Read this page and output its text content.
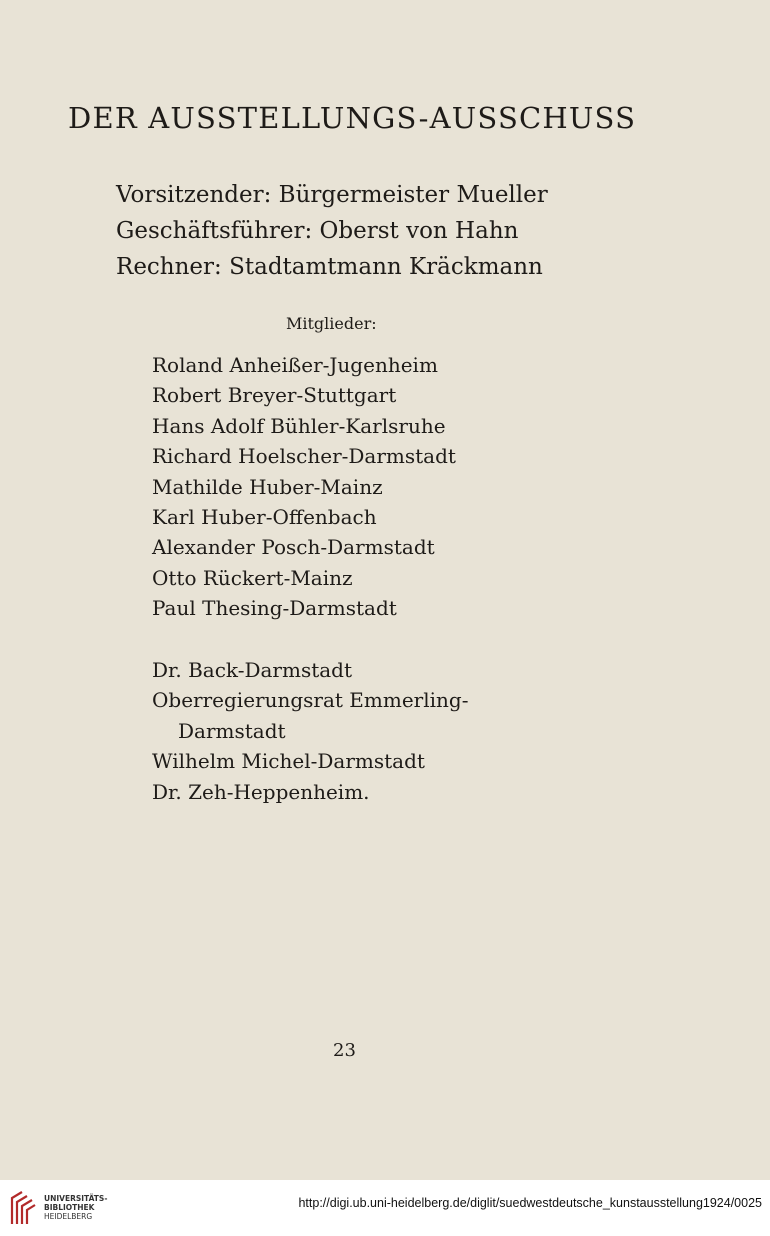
DER AUSSTELLUNGS-AUSSCHUSS
Vorsitzender: Bürgermeister Mueller
Geschäftsführer: Oberst von Hahn
Rechner: Stadtamtmann Kräckmann
Mitglieder:
Roland Anheißer-Jugenheim
Robert Breyer-Stuttgart
Hans Adolf Bühler-Karlsruhe
Richard Hoelscher-Darmstadt
Mathilde Huber-Mainz
Karl Huber-Offenbach
Alexander Posch-Darmstadt
Otto Rückert-Mainz
Paul Thesing-Darmstadt
Dr. Back-Darmstadt
Oberregierungsrat Emmerling-
Darmstadt
Wilhelm Michel-Darmstadt
Dr. Zeh-Heppenheim.
23
UNIVERSITÄTS-
BIBLIOTHEK
HEIDELBERG
http://digi.ub.uni-heidelberg.de/diglit/suedwestdeutsche_kunstausstellung1924/0025
